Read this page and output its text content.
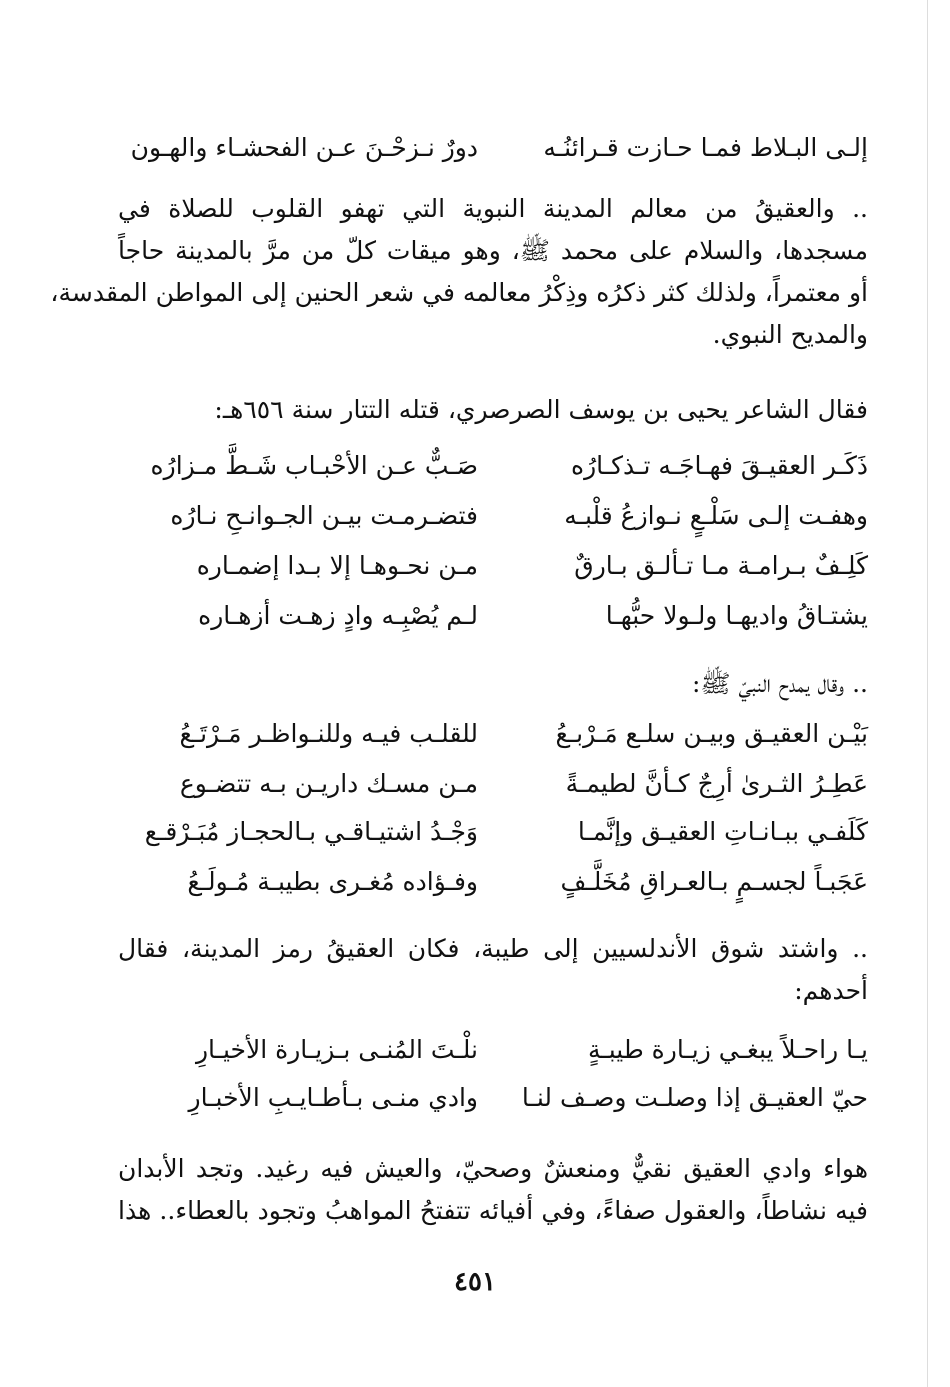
إلـى البـلاط فمـا حـازت قـرائنُـه
دورٌ نـزحْـنَ عـن الفحشـاء والهـون
.. والعقيقُ من معالم المدينة النبوية التي تهفو القلوب للصلاة في
مسجدها، والسلام على محمد ﷺ، وهو ميقات كلّ من مرَّ بالمدينة حاجاً
أو معتمراً، ولذلك كثر ذكرُه وذِكْرُ معالمه في شعر الحنين إلى المواطن المقدسة،
والمديح النبوي.
فقال الشاعر يحيى بن يوسف الصرصري، قتله التتار سنة ٦٥٦هـ:
ذَكَـر العقيـقَ فهـاجَـه تـذكـارُه
صَـبٌّ عـن الأحْبـاب شَـطَّ مـزارُه
وهفـت إلـى سَلْـعٍ نـوازعُ قلْبـه
فتضـرمـت بيـن الجـوانـحِ نـارُه
كَلِـفٌ بـرامـة مـا تـألـق بـارقٌ
مـن نحـوهـا إلا بـدا إضمـاره
يشتـاقُ واديهـا ولـولا حبُّهـا
لـم يُصْبِـه وادٍ زهـت أزهـاره
.. وقال يمدح النبيّ ﷺ:
بَيْـن العقيـق وبيـن سلـع مَـرْبـعُ
للقلـب فيـه وللنـواظـر مَـرْتَـعُ
عَطِـرُ الثـرىٰ أرِجٌ كـأنَّ لطيمـةً
مـن مسـك داريـن بـه تتضـوع
كَلَفـي ببـانـاتِ العقيـق وإنَّمـا
وَجْـدُ اشتيـاقـي بـالحجـاز مُبَـرْقـع
عَجَبـاً لجسـمٍ بـالعـراقِ مُخَلَّـفٍ
وفـؤاده مُغـرى بطيبـة مُـولَـعُ
.. واشتد شوق الأندلسيين إلى طيبة، فكان العقيقُ رمز المدينة، فقال
أحدهم:
يـا راحـلاً يبغـي زيـارة طيبـةٍ
نلْـتَ المُنـى بـزيـارة الأخيـارِ
حيّ العقيـق إذا وصلـت وصـف لنـا
وادي منـى بـأطـايـبِ الأخبـارِ
هواء وادي العقيق نقيٌّ ومنعشٌ وصحيّ، والعيش فيه رغيد. وتجد الأبدان
فيه نشاطاً، والعقول صفاءً، وفي أفيائه تتفتحُ المواهبُ وتجود بالعطاء.. هذا
٤٥١
